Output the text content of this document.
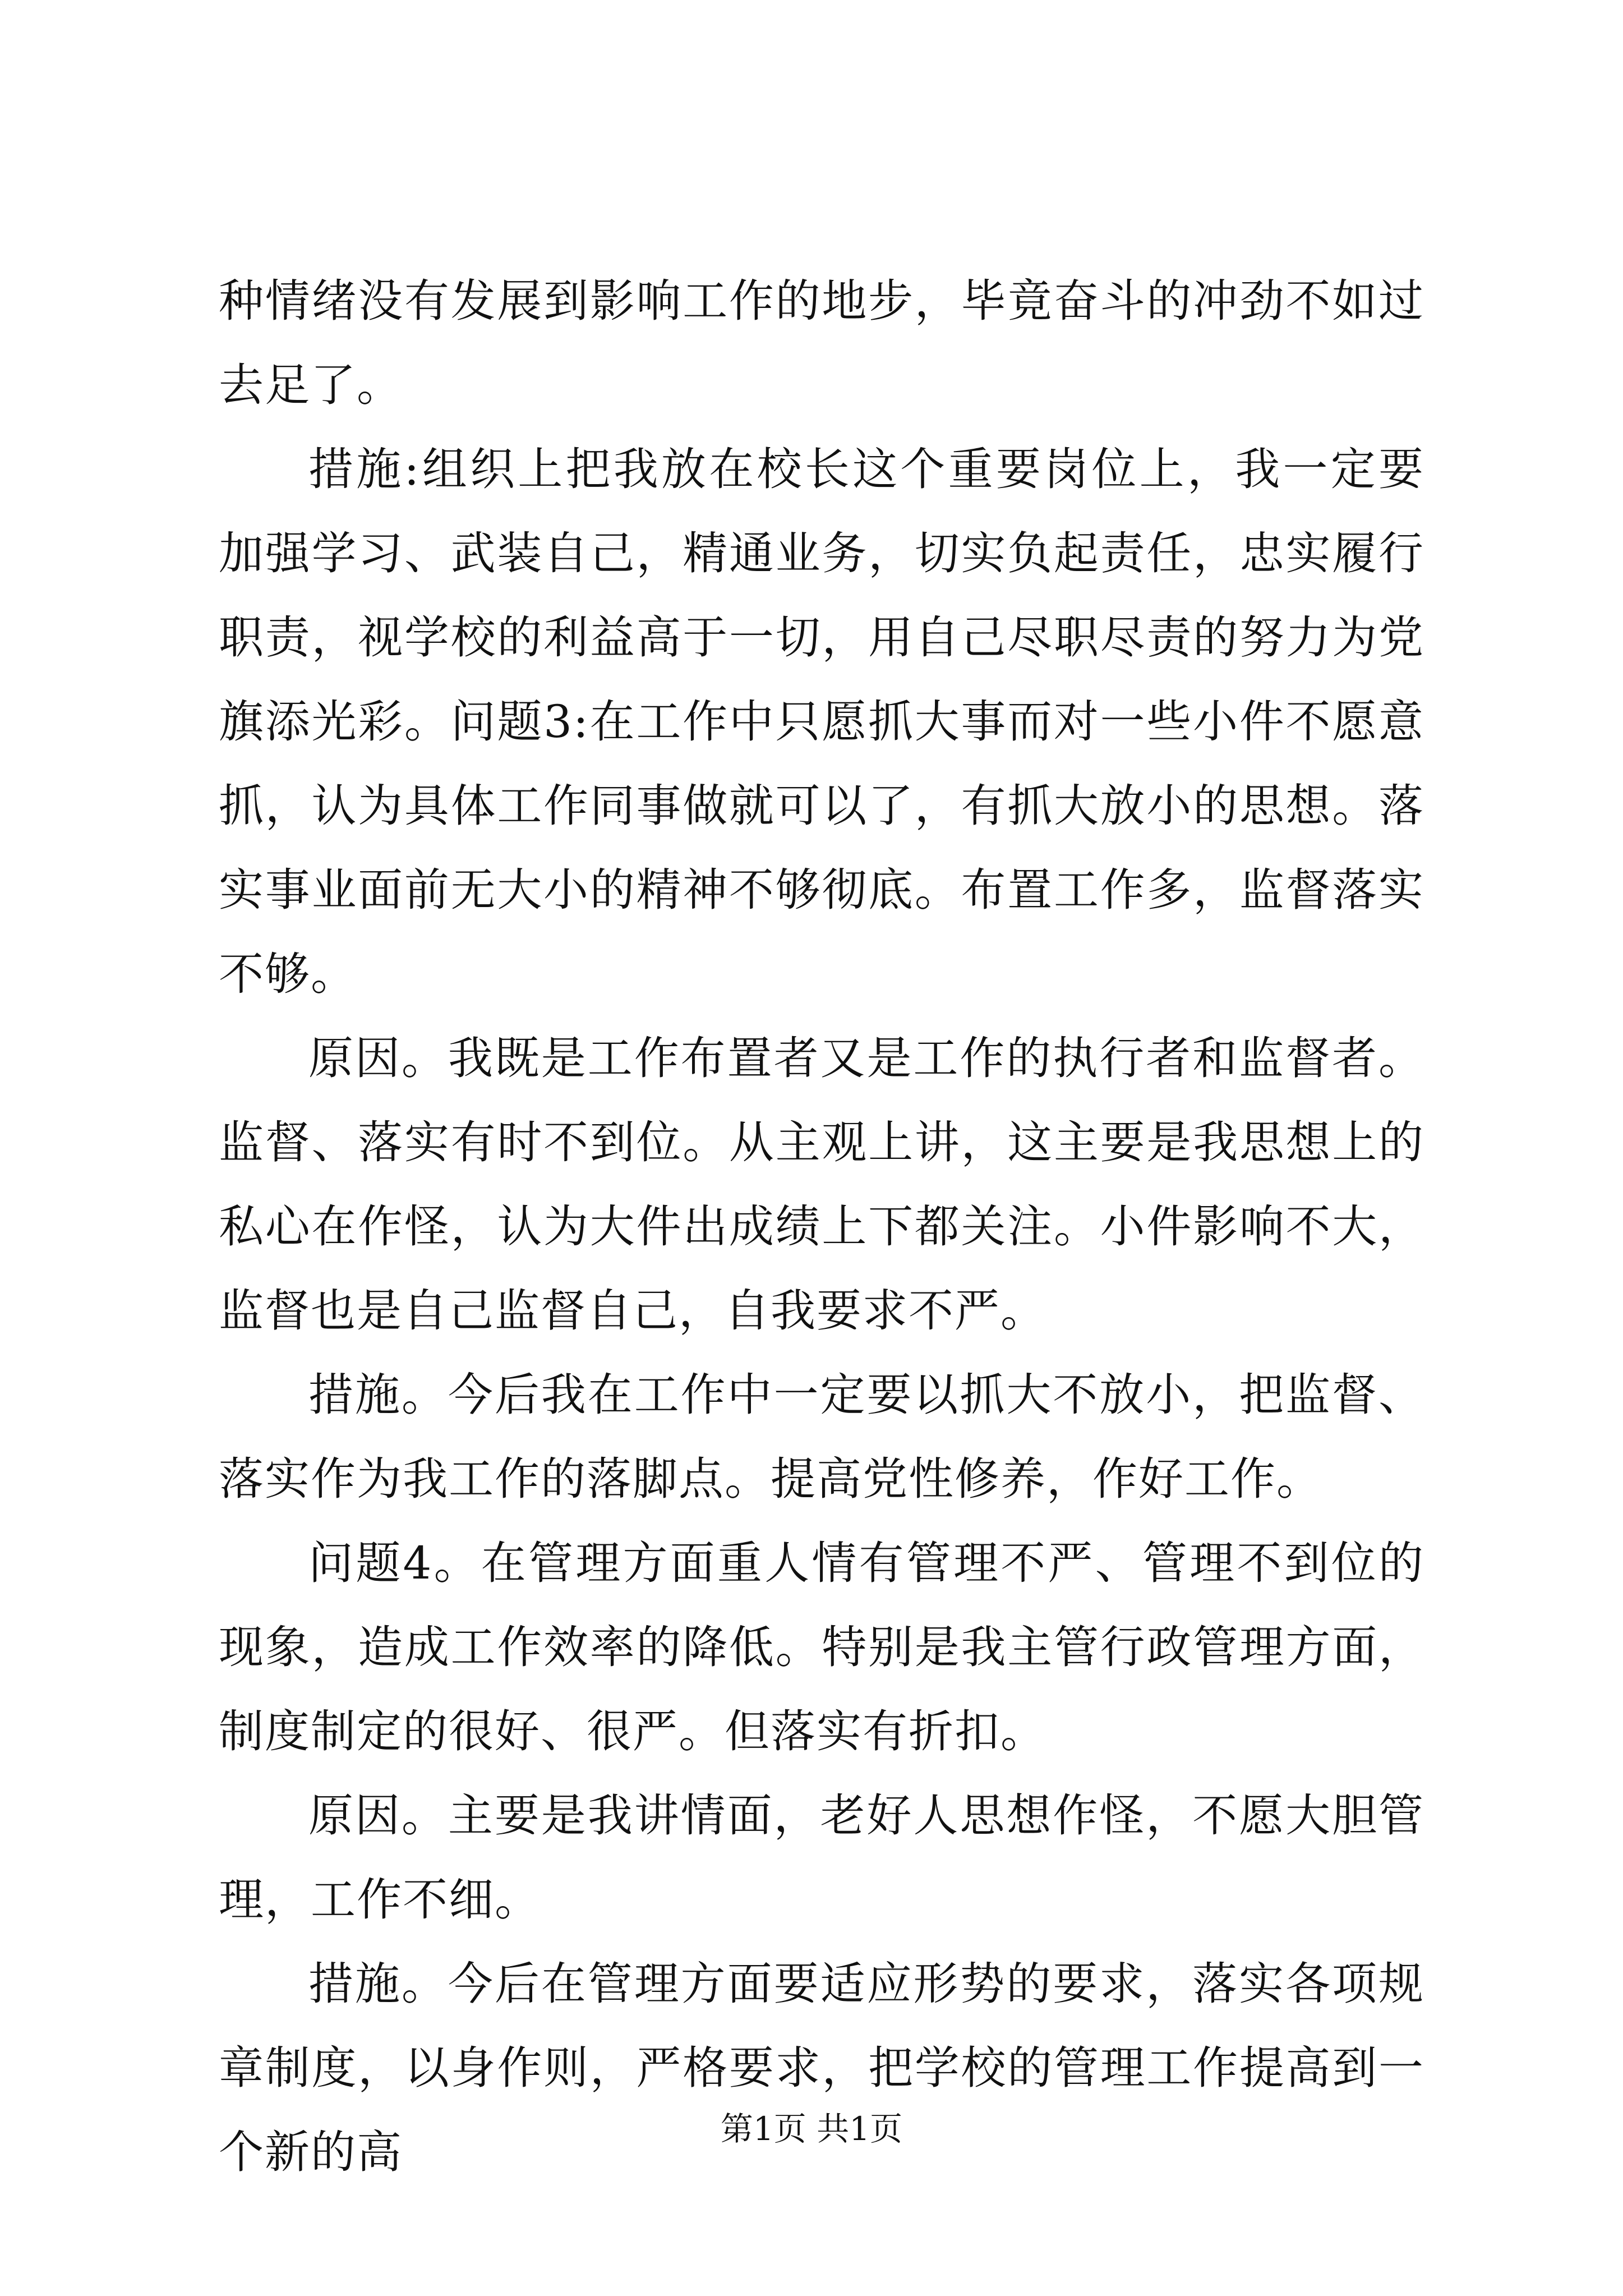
种情绪没有发展到影响工作的地步，毕竟奋斗的冲劲不如过去足了。

措施:组织上把我放在校长这个重要岗位上，我一定要加强学习、武装自己，精通业务，切实负起责任，忠实履行职责，视学校的利益高于一切，用自己尽职尽责的努力为党旗添光彩。问题3:在工作中只愿抓大事而对一些小件不愿意抓，认为具体工作同事做就可以了，有抓大放小的思想。落实事业面前无大小的精神不够彻底。布置工作多，监督落实不够。

原因。我既是工作布置者又是工作的执行者和监督者。监督、落实有时不到位。从主观上讲，这主要是我思想上的私心在作怪，认为大件出成绩上下都关注。小件影响不大，监督也是自己监督自己，自我要求不严。

措施。今后我在工作中一定要以抓大不放小，把监督、落实作为我工作的落脚点。提高党性修养，作好工作。

问题4。在管理方面重人情有管理不严、管理不到位的现象，造成工作效率的降低。特别是我主管行政管理方面，制度制定的很好、很严。但落实有折扣。

原因。主要是我讲情面，老好人思想作怪，不愿大胆管理，工作不细。

措施。今后在管理方面要适应形势的要求，落实各项规章制度，以身作则，严格要求，把学校的管理工作提高到一个新的高	第1页 共1页
